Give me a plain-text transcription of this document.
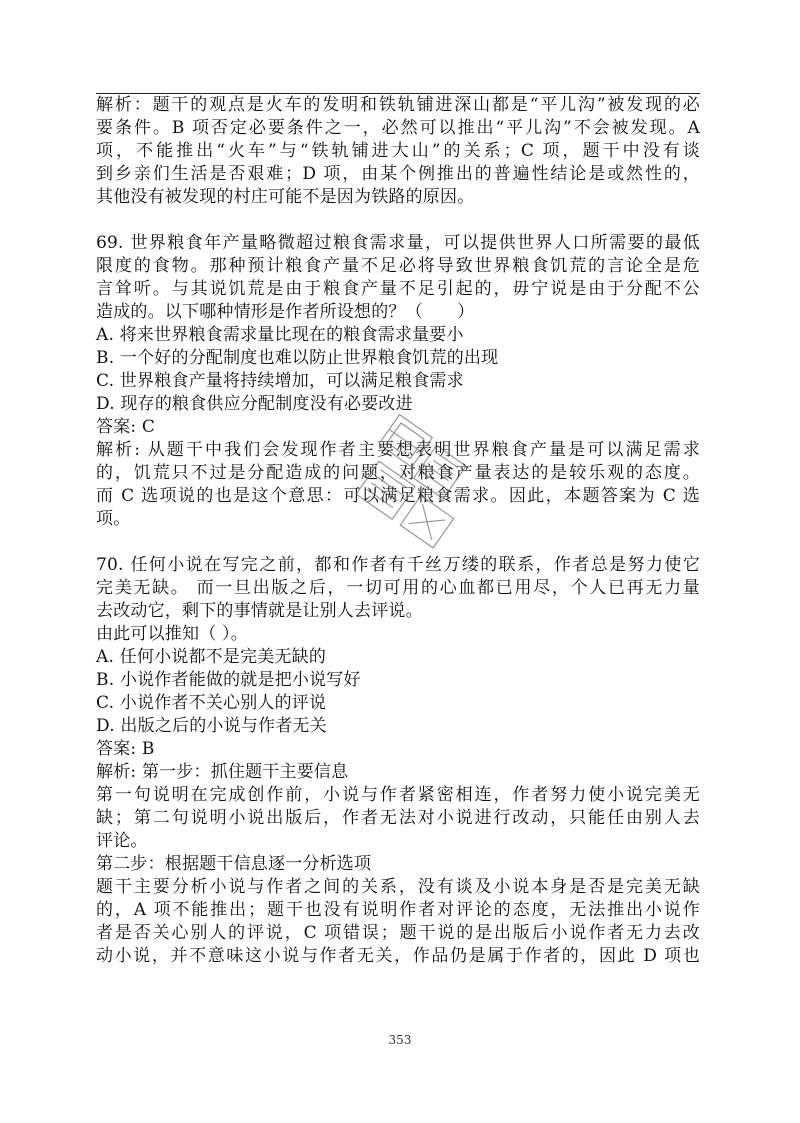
解析：题干的观点是火车的发明和铁轨铺进深山都是“平儿沟”被发现的必
要条件。B 项否定必要条件之一，必然可以推出“平儿沟”不会被发现。A
项，不能推出“火车”与“铁轨铺进大山”的关系；C 项，题干中没有谈
到乡亲们生活是否艰难；D 项，由某个例推出的普遍性结论是或然性的，
其他没有被发现的村庄可能不是因为铁路的原因。
69. 世界粮食年产量略微超过粮食需求量，可以提供世界人口所需要的最低
限度的食物。那种预计粮食产量不足必将导致世界粮食饥荒的言论全是危
言耸听。与其说饥荒是由于粮食产量不足引起的，毋宁说是由于分配不公
造成的。以下哪种情形是作者所设想的？（　　）
A. 将来世界粮食需求量比现在的粮食需求量要小
B. 一个好的分配制度也难以防止世界粮食饥荒的出现
C. 世界粮食产量将持续增加，可以满足粮食需求
D. 现存的粮食供应分配制度没有必要改进
答案: C
解析: 从题干中我们会发现作者主要想表明世界粮食产量是可以满足需求
的，饥荒只不过是分配造成的问题，对粮食产量表达的是较乐观的态度。
而 C 选项说的也是这个意思：可以满足粮食需求。因此，本题答案为 C 选
项。
70. 任何小说在写完之前，都和作者有千丝万缕的联系，作者总是努力使它
完美无缺。 而一旦出版之后，一切可用的心血都已用尽，个人已再无力量
去改动它，剩下的事情就是让别人去评说。
由此可以推知（ ）。
A. 任何小说都不是完美无缺的
B. 小说作者能做的就是把小说写好
C. 小说作者不关心别人的评说
D. 出版之后的小说与作者无关
答案: B
解析: 第一步：抓住题干主要信息
第一句说明在完成创作前，小说与作者紧密相连，作者努力使小说完美无
缺；第二句说明小说出版后，作者无法对小说进行改动，只能任由别人去
评论。
第二步：根据题干信息逐一分析选项
题干主要分析小说与作者之间的关系，没有谈及小说本身是否是完美无缺
的，A 项不能推出；题干也没有说明作者对评论的态度，无法推出小说作
者是否关心别人的评说，C 项错误；题干说的是出版后小说作者无力去改
动小说，并不意味这小说与作者无关，作品仍是属于作者的，因此 D 项也
353
